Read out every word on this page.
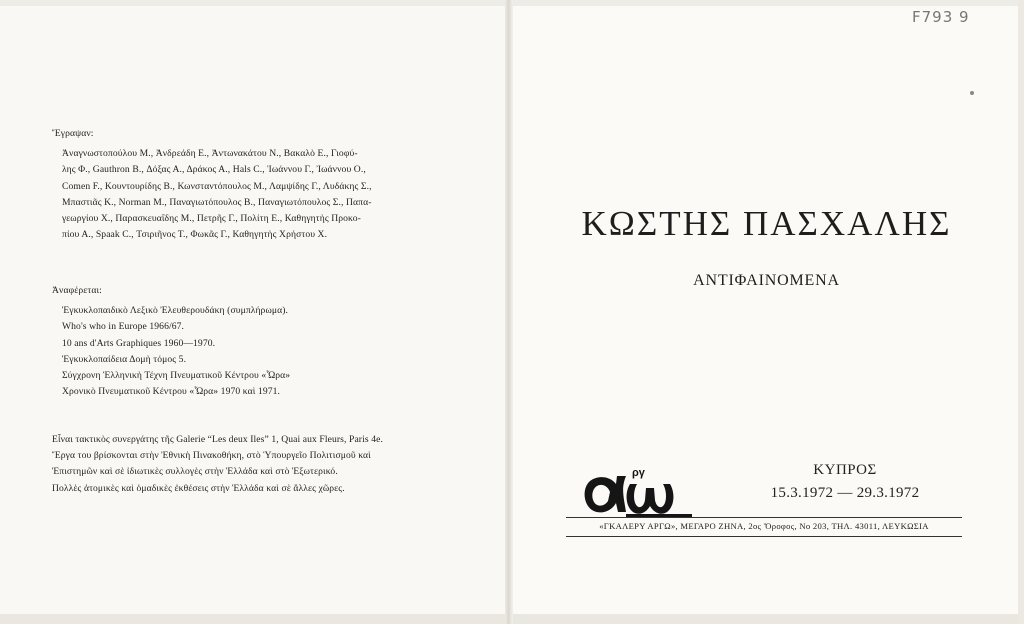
Ἔγραψαν:
Ἀναγνωστοπούλου Μ., Ἀνδρεάδη Ε., Ἀντωνακάτου Ν., Βακαλὸ Ε., Γιοφύ-
λης Φ., Gauthron B., Δόξας Α., Δράκος Α., Hals C., Ἰωάννου Γ., Ἰωάννου Ο.,
Comen F., Κουντουρίδης Β., Κωνσταντόπουλος Μ., Λαμψίδης Γ., Λυδάκης Σ.,
Μπαστιᾶς Κ., Norman M., Παναγιωτόπουλος Β., Παναγιωτόπουλος Σ., Παπα-
γεωργίου Χ., Παρασκευαΐδης Μ., Πετρῆς Γ., Πολίτη Ε., Καθηγητὴς Προκο-
πίου Α., Spaak C., Τσιριῆνος Τ., Φωκᾶς Γ., Καθηγητὴς Χρήστου Χ.
Ἀναφέρεται:
Ἐγκυκλοπαιδικὸ Λεξικὸ Ἐλευθερουδάκη (συμπλήρωμα).
Who's who in Europe 1966/67.
10 ans d'Arts Graphiques 1960—1970.
Ἐγκυκλοπαίδεια Δομὴ τόμος 5.
Σύγχρονη Ἑλληνικὴ Τέχνη Πνευματικοῦ Κέντρου «Ὧρα»
Χρονικὸ Πνευματικοῦ Κέντρου «Ὧρα» 1970 καὶ 1971.
Εἶναι τακτικὸς συνεργάτης τῆς Galerie “Les deux Iles” 1, Quai aux Fleurs, Paris 4e.
Ἔργα του βρίσκονται στὴν Ἐθνικὴ Πινακοθήκη, στὸ Ὑπουργεῖο Πολιτισμοῦ καὶ
Ἐπιστημῶν καὶ σὲ ἰδιωτικὲς συλλογὲς στὴν Ἑλλάδα καὶ στὸ Ἐξωτερικό.
Πολλὲς ἀτομικὲς καὶ ὁμαδικὲς ἐκθέσεις στὴν Ἑλλάδα καὶ σὲ ἄλλες χῶρες.
F793 9
ΚΩΣΤΗΣ ΠΑΣΧΑΛΗΣ
ΑΝΤΙΦΑΙΝΟΜΕΝΑ
ργ	ΚΥΠΡΟΣ
15.3.1972 — 29.3.1972
«ΓΚΑΛΕΡΥ ΑΡΓΩ», ΜΕΓΑΡΟ ΖΗΝΑ, 2ος Ὄροφος, Νο 203, ΤΗΛ. 43011, ΛΕΥΚΩΣΙΑ
